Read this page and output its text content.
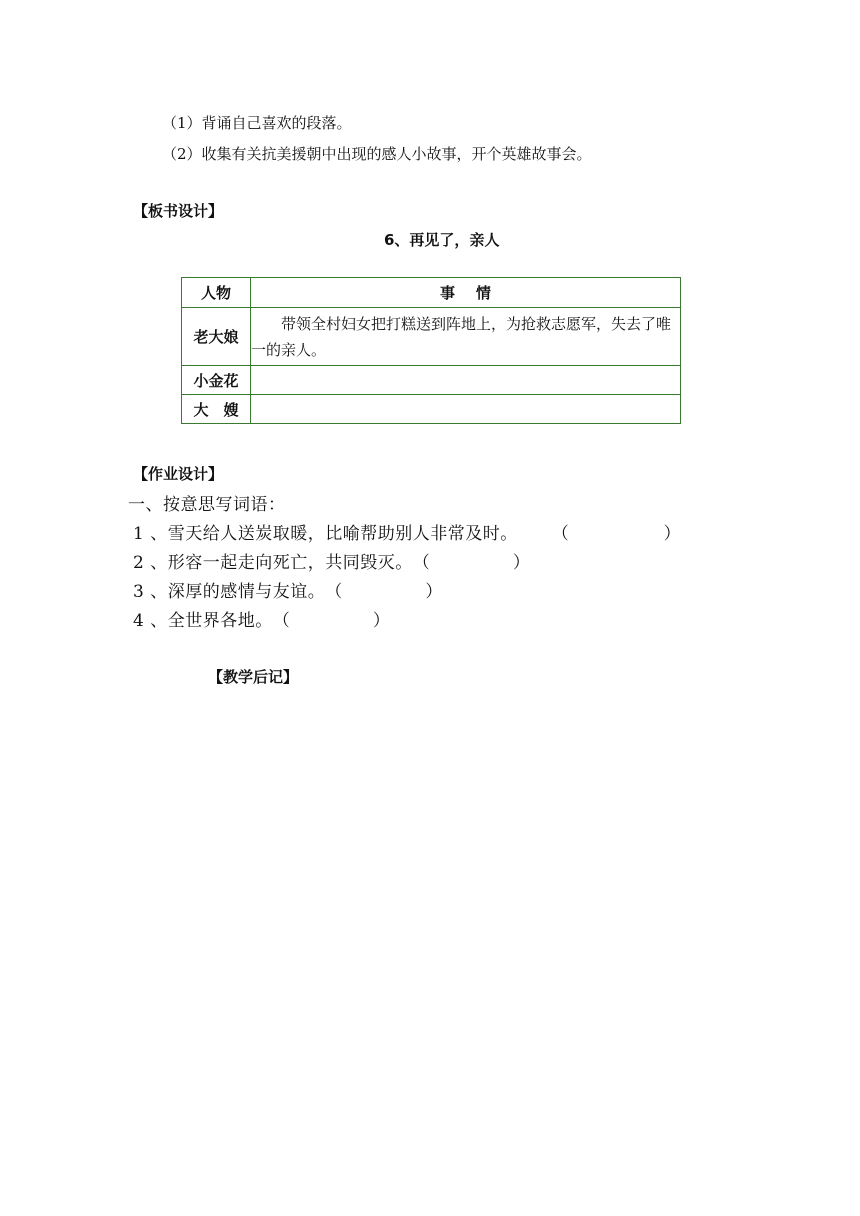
（1）背诵自己喜欢的段落。
（2）收集有关抗美援朝中出现的感人小故事，开个英雄故事会。
【板书设计】
6、再见了，亲人
人物	事    情
老大娘	带领全村妇女把打糕送到阵地上，为抢救志愿军，失去了唯一的亲人。
小金花	
大　嫂	
【作业设计】
一、按意思写词语：
1 、雪天给人送炭取暖，比喻帮助别人非常及时。 （                ）
2 、形容一起走向死亡，共同毁灭。（              ）
3 、深厚的感情与友谊。（              ）
4 、全世界各地。（              ）
【教学后记】
